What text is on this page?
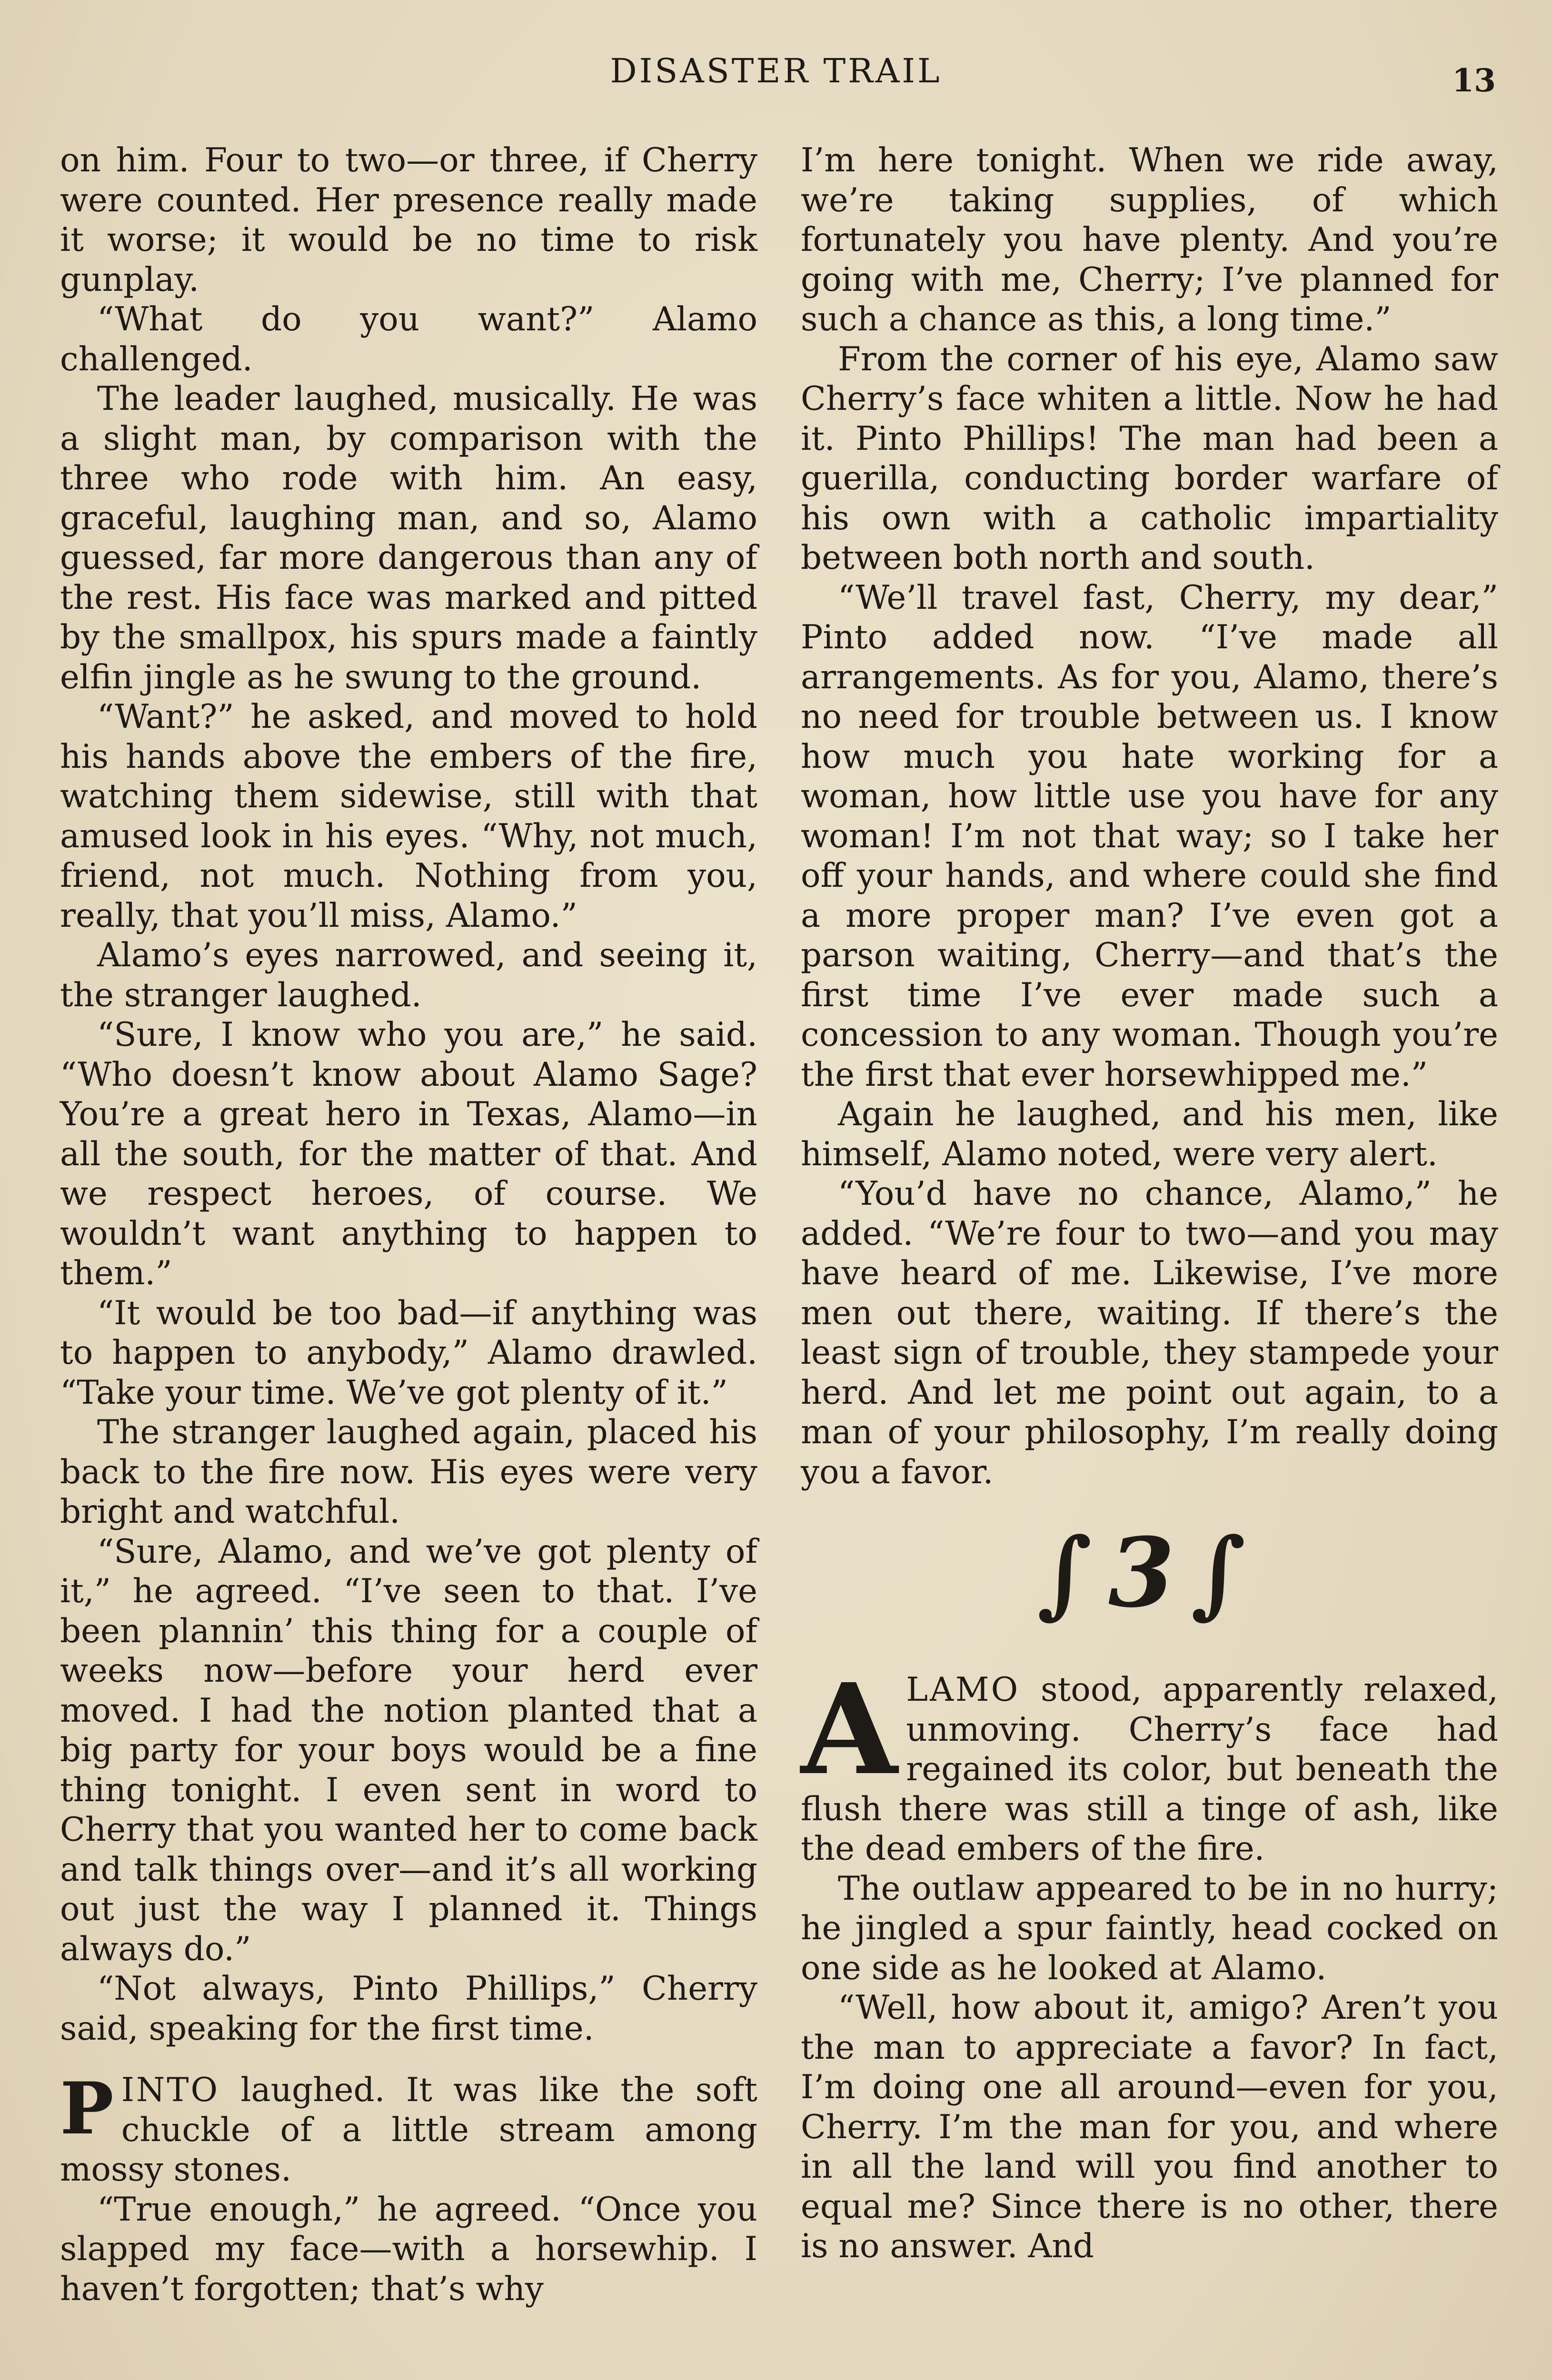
DISASTER TRAIL	13

on him. Four to two—or three, if Cherry were counted. Her presence really made it worse; it would be no time to risk gunplay.

“What do you want?” Alamo challenged.

The leader laughed, musically. He was a slight man, by comparison with the three who rode with him. An easy, graceful, laughing man, and so, Alamo guessed, far more dangerous than any of the rest. His face was marked and pitted by the smallpox, his spurs made a faintly elfin jingle as he swung to the ground.

“Want?” he asked, and moved to hold his hands above the embers of the fire, watching them sidewise, still with that amused look in his eyes. “Why, not much, friend, not much. Nothing from you, really, that you’ll miss, Alamo.”

Alamo’s eyes narrowed, and seeing it, the stranger laughed.

“Sure, I know who you are,” he said. “Who doesn’t know about Alamo Sage? You’re a great hero in Texas, Alamo—in all the south, for the matter of that. And we respect heroes, of course. We wouldn’t want anything to happen to them.”

“It would be too bad—if anything was to happen to anybody,” Alamo drawled. “Take your time. We’ve got plenty of it.”

The stranger laughed again, placed his back to the fire now. His eyes were very bright and watchful.

“Sure, Alamo, and we’ve got plenty of it,” he agreed. “I’ve seen to that. I’ve been plannin’ this thing for a couple of weeks now—before your herd ever moved. I had the notion planted that a big party for your boys would be a fine thing tonight. I even sent in word to Cherry that you wanted her to come back and talk things over—and it’s all working out just the way I planned it. Things always do.”

“Not always, Pinto Phillips,” Cherry said, speaking for the first time.

PINTO laughed. It was like the soft chuckle of a little stream among mossy stones.

“True enough,” he agreed. “Once you slapped my face—with a horsewhip. I haven’t forgotten; that’s why

I’m here tonight. When we ride away, we’re taking supplies, of which fortunately you have plenty. And you’re going with me, Cherry; I’ve planned for such a chance as this, a long time.”

From the corner of his eye, Alamo saw Cherry’s face whiten a little. Now he had it. Pinto Phillips! The man had been a guerilla, conducting border warfare of his own with a catholic impartiality between both north and south.

“We’ll travel fast, Cherry, my dear,” Pinto added now. “I’ve made all arrangements. As for you, Alamo, there’s no need for trouble between us. I know how much you hate working for a woman, how little use you have for any woman! I’m not that way; so I take her off your hands, and where could she find a more proper man? I’ve even got a parson waiting, Cherry—and that’s the first time I’ve ever made such a concession to any woman. Though you’re the first that ever horsewhipped me.”

Again he laughed, and his men, like himself, Alamo noted, were very alert.

“You’d have no chance, Alamo,” he added. “We’re four to two—and you may have heard of me. Likewise, I’ve more men out there, waiting. If there’s the least sign of trouble, they stampede your herd. And let me point out again, to a man of your philosophy, I’m really doing you a favor.

∫3∫

ALAMO stood, apparently relaxed, unmoving. Cherry’s face had regained its color, but beneath the flush there was still a tinge of ash, like the dead embers of the fire.

The outlaw appeared to be in no hurry; he jingled a spur faintly, head cocked on one side as he looked at Alamo.

“Well, how about it, amigo? Aren’t you the man to appreciate a favor? In fact, I’m doing one all around—even for you, Cherry. I’m the man for you, and where in all the land will you find another to equal me? Since there is no other, there is no answer. And
